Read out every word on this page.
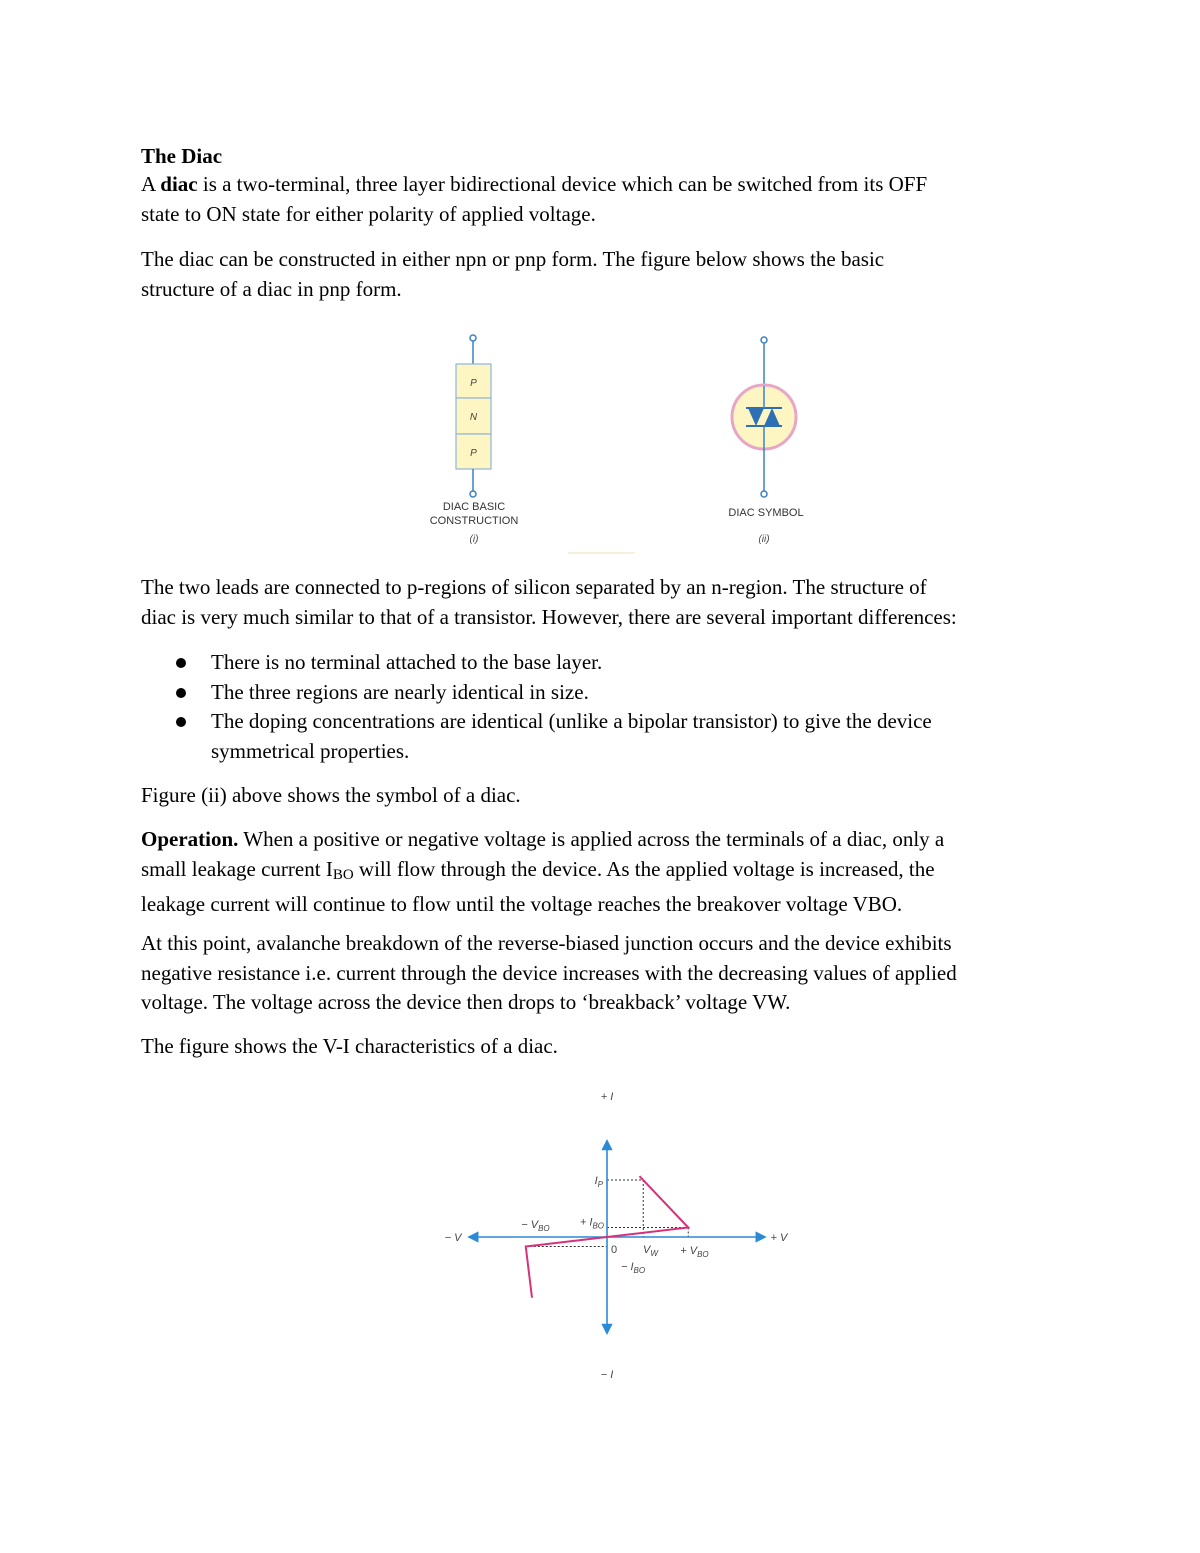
The Diac

A diac is a two-terminal, three layer bidirectional device which can be switched from its OFF

state to ON state for either polarity of applied voltage.

The diac can be constructed in either npn or pnp form. The figure below shows the basic

structure of a diac in pnp form.

P
N
P
DIAC BASIC
CONSTRUCTION
(i)
DIAC SYMBOL
(ii)

The two leads are connected to p-regions of silicon separated by an n-region. The structure of

diac is very much similar to that of a transistor. However, there are several important differences:

There is no terminal attached to the base layer.
The three regions are nearly identical in size.
The doping concentrations are identical (unlike a bipolar transistor) to give the device
symmetrical properties.

Figure (ii) above shows the symbol of a diac.

Operation. When a positive or negative voltage is applied across the terminals of a diac, only a

small leakage current $I_{BO}$ will flow through the device. As the applied voltage is increased, the

leakage current will continue to flow until the voltage reaches the breakover voltage VBO.

At this point, avalanche breakdown of the reverse-biased junction occurs and the device exhibits

negative resistance i.e. current through the device increases with the decreasing values of applied

voltage. The voltage across the device then drops to ‘breakback’ voltage VW.

The figure shows the V-I characteristics of a diac.

+ I
− I
+ V
− V
0
$I_P$
+ $I_{BO}$
− $I_{BO}$
− $V_{BO}$
+ $V_{BO}$
$V_W$
